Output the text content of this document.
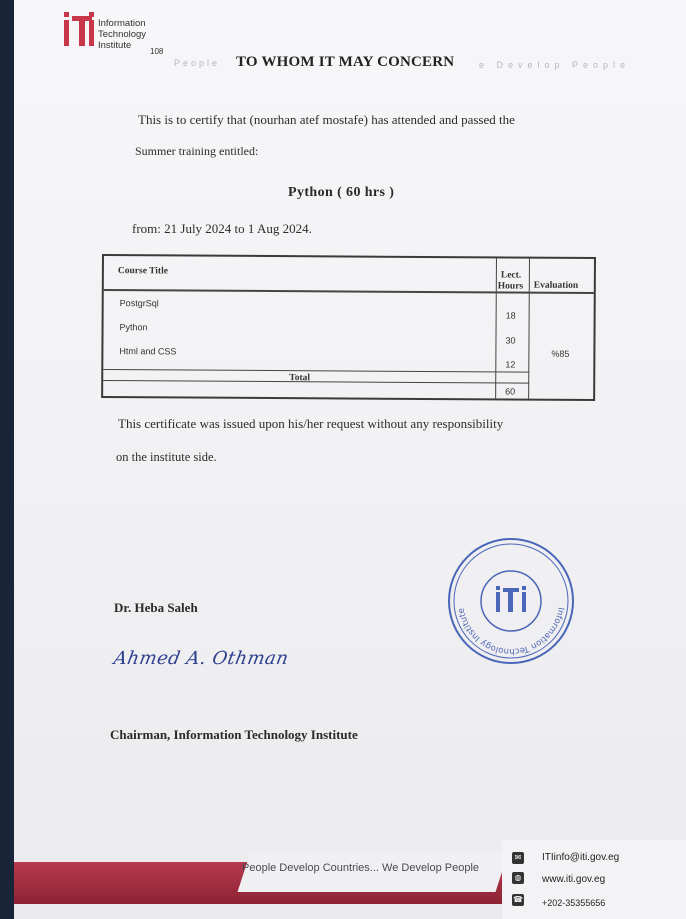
Information
Technology
Institute
108
People TO WHOM IT MAY CONCERN	e Develop People
This is to certify that (nourhan atef mostafe) has attended and passed the
Summer training entitled:
Python ( 60 hrs )
from: 21 July 2024 to 1 Aug 2024.
Course Title	Lect.
Hours Evaluation
PostgrSql
18
Python
30
Html and CSS
12
%85
Total
60
This certificate was issued upon his/her request without any responsibility
on the institute side.
Information Technology Institute
Dr. Heba Saleh
Ahmed A. Othman
Chairman, Information Technology Institute
People Develop Countries... We Develop People
✉ ITIinfo@iti.gov.eg
◍ www.iti.gov.eg
☎ +202-35355656
